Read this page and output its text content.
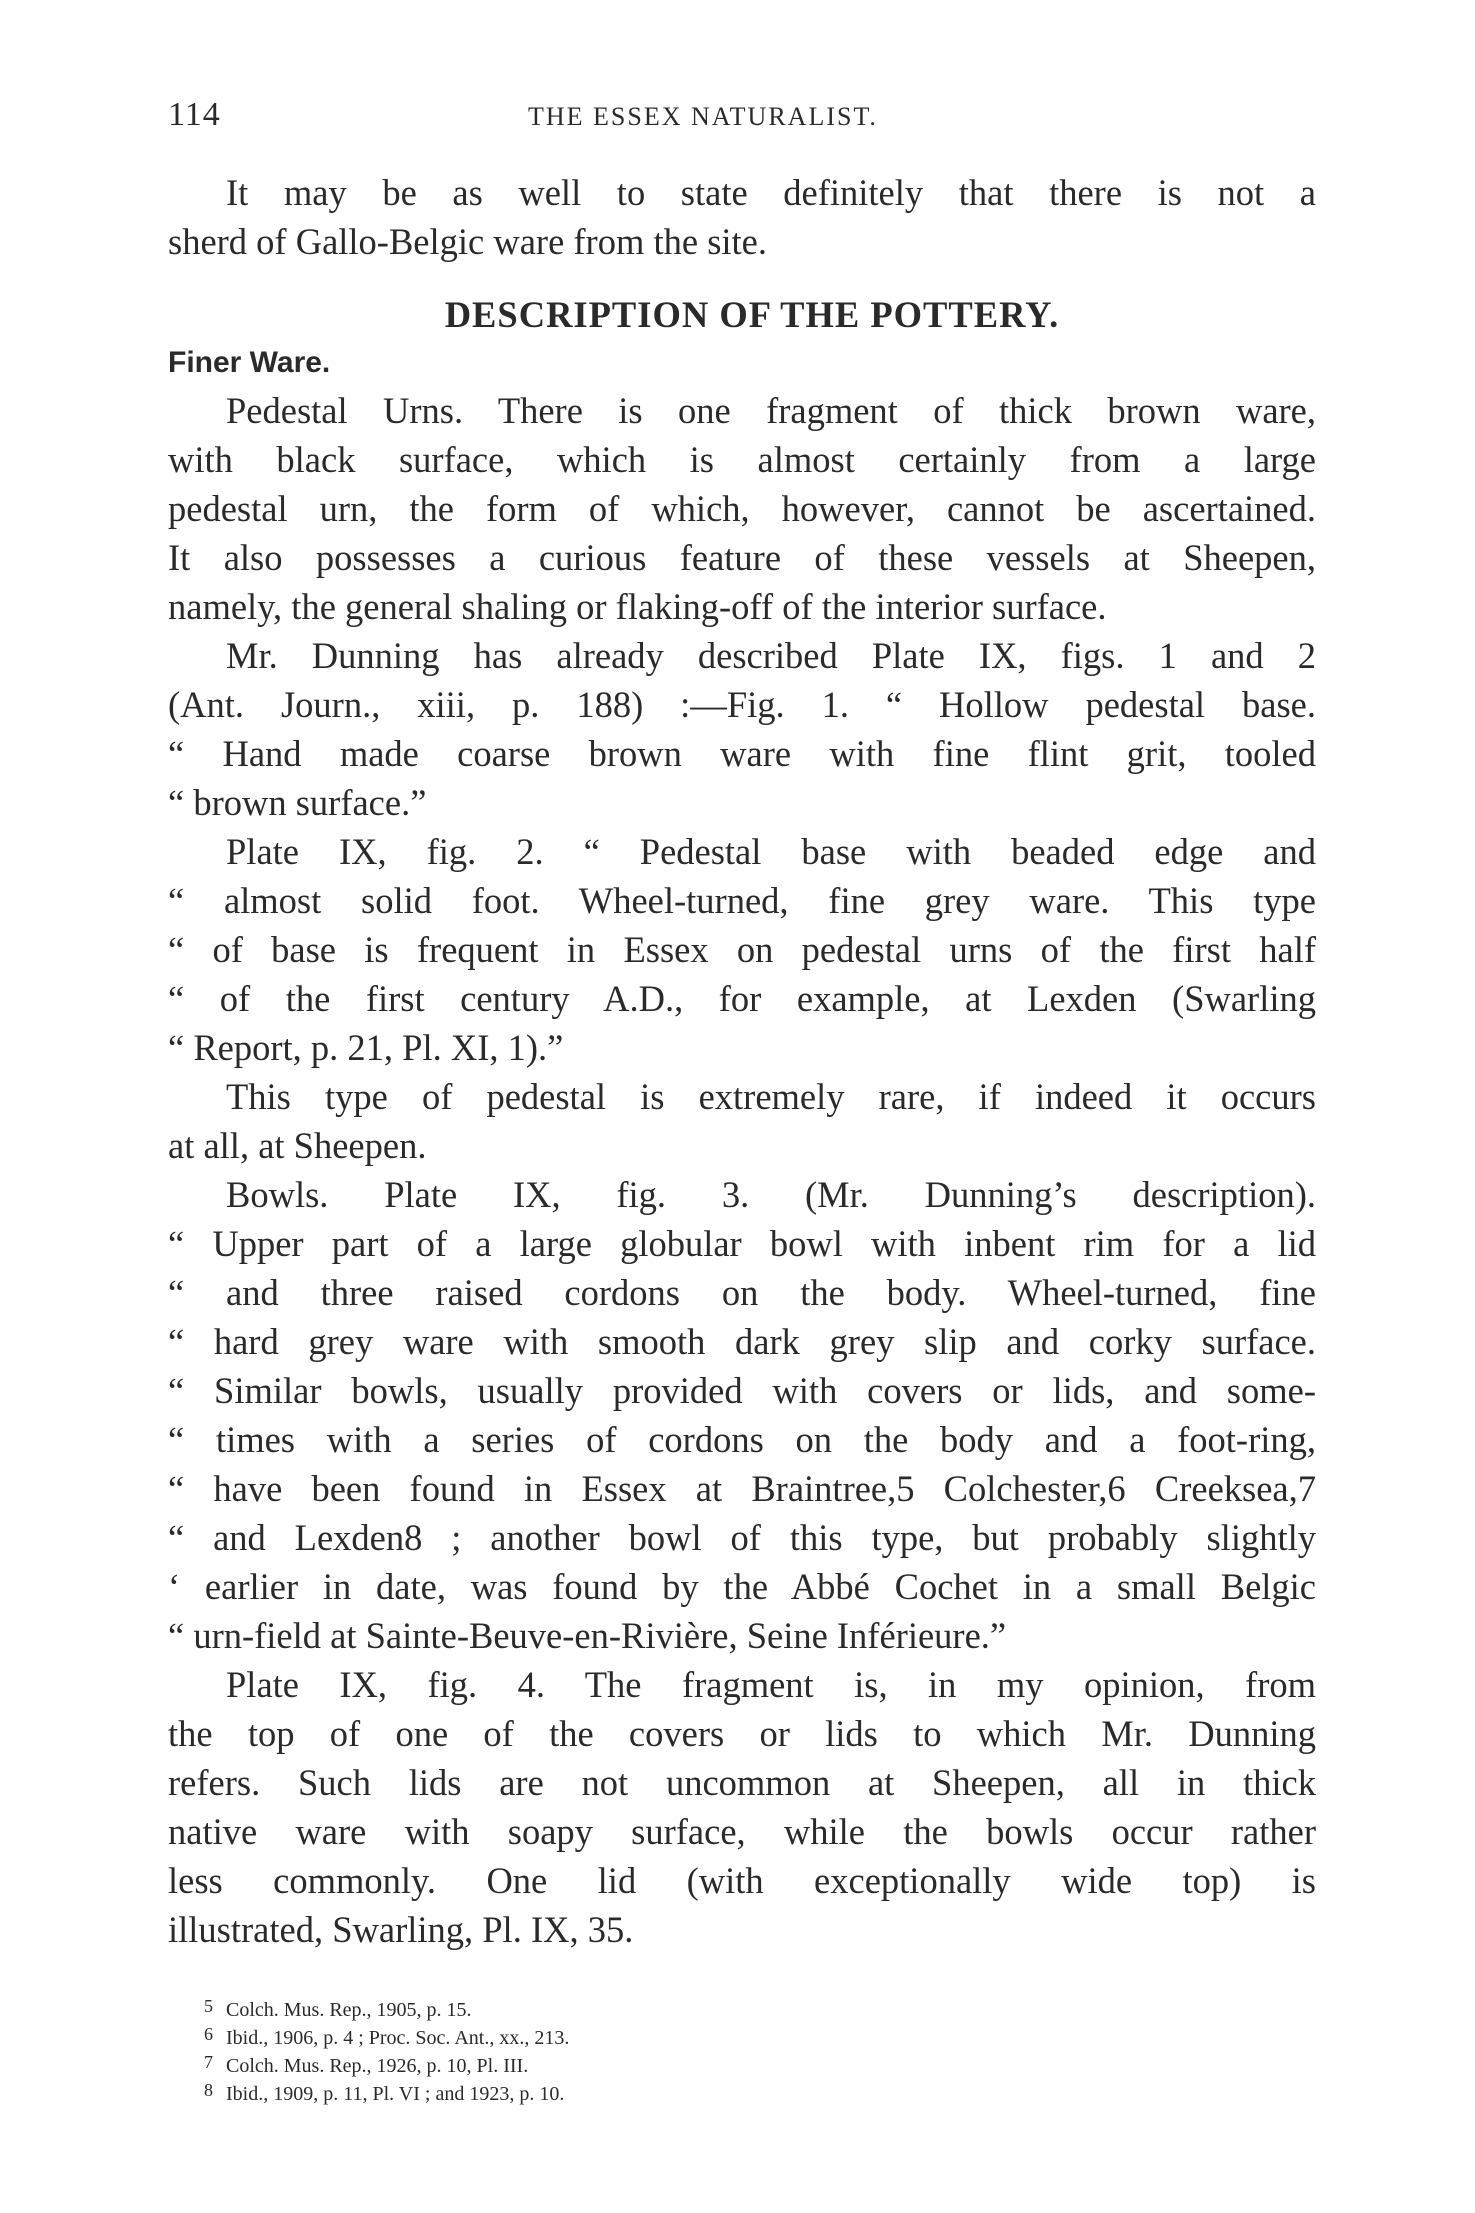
114	THE ESSEX NATURALIST.

It may be as well to state definitely that there is not a

sherd of Gallo-Belgic ware from the site.

DESCRIPTION OF THE POTTERY.
Finer Ware.

Pedestal Urns. There is one fragment of thick brown ware,

with black surface, which is almost certainly from a large

pedestal urn, the form of which, however, cannot be ascertained.

It also possesses a curious feature of these vessels at Sheepen,

namely, the general shaling or flaking-off of the interior surface.

Mr. Dunning has already described Plate IX, figs. 1 and 2

(Ant. Journ., xiii, p. 188) :—Fig. 1. “ Hollow pedestal base.

“ Hand made coarse brown ware with fine flint grit, tooled

“ brown surface.”

Plate IX, fig. 2. “ Pedestal base with beaded edge and

“ almost solid foot. Wheel-turned, fine grey ware. This type

“ of base is frequent in Essex on pedestal urns of the first half

“ of the first century A.D., for example, at Lexden (Swarling

“ Report, p. 21, Pl. XI, 1).”

This type of pedestal is extremely rare, if indeed it occurs

at all, at Sheepen.

Bowls. Plate IX, fig. 3. (Mr. Dunning’s description).

“ Upper part of a large globular bowl with inbent rim for a lid

“ and three raised cordons on the body. Wheel-turned, fine

“ hard grey ware with smooth dark grey slip and corky surface.

“ Similar bowls, usually provided with covers or lids, and some-

“ times with a series of cordons on the body and a foot-ring,

“ have been found in Essex at Braintree,5 Colchester,6 Creeksea,7

“ and Lexden8 ; another bowl of this type, but probably slightly

‘ earlier in date, was found by the Abbé Cochet in a small Belgic

“ urn-field at Sainte-Beuve-en-Rivière, Seine Inférieure.”

Plate IX, fig. 4. The fragment is, in my opinion, from

the top of one of the covers or lids to which Mr. Dunning

refers. Such lids are not uncommon at Sheepen, all in thick

native ware with soapy surface, while the bowls occur rather

less commonly. One lid (with exceptionally wide top) is

illustrated, Swarling, Pl. IX, 35.

5 Colch. Mus. Rep., 1905, p. 15.

6 Ibid., 1906, p. 4 ; Proc. Soc. Ant., xx., 213.

7 Colch. Mus. Rep., 1926, p. 10, Pl. III.

8 Ibid., 1909, p. 11, Pl. VI ; and 1923, p. 10.
